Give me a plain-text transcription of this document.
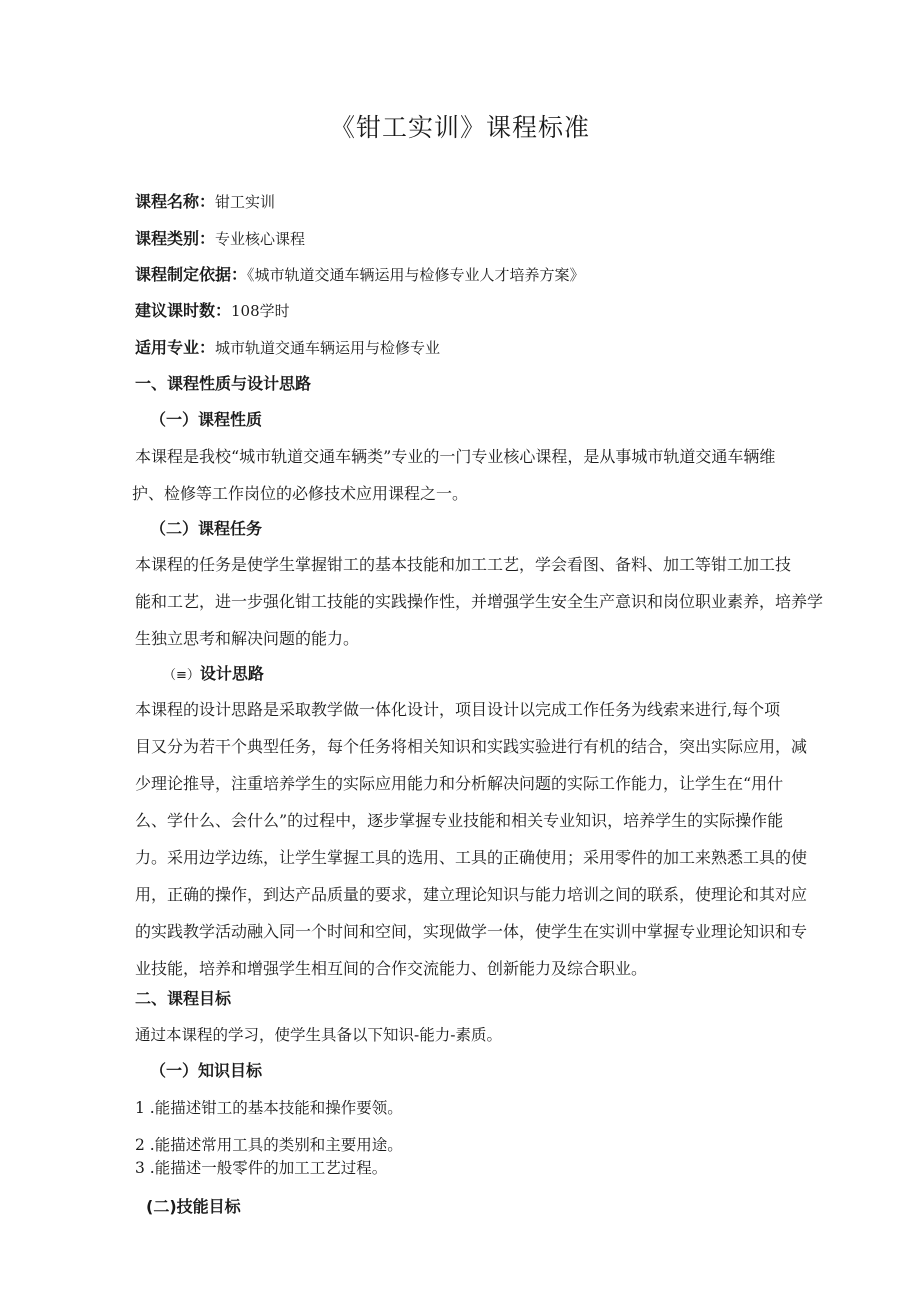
《钳工实训》课程标准
课程名称：钳工实训
课程类别：专业核心课程
课程制定依据：《城市轨道交通车辆运用与检修专业人才培养方案》
建议课时数：108学时
适用专业：城市轨道交通车辆运用与检修专业
一、课程性质与设计思路
（一）课程性质
本课程是我校“城市轨道交通车辆类”专业的一门专业核心课程，是从事城市轨道交通车辆维
护、检修等工作岗位的必修技术应用课程之一。
（二）课程任务
本课程的任务是使学生掌握钳工的基本技能和加工工艺，学会看图、备料、加工等钳工加工技
能和工艺，进一步强化钳工技能的实践操作性，并增强学生安全生产意识和岗位职业素养，培养学
生独立思考和解决问题的能力。
（≡）设计思路
本课程的设计思路是采取教学做一体化设计，项目设计以完成工作任务为线索来进行,每个项
目又分为若干个典型任务，每个任务将相关知识和实践实验进行有机的结合，突出实际应用，减
少理论推导，注重培养学生的实际应用能力和分析解决问题的实际工作能力，让学生在“用什
么、学什么、会什么”的过程中，逐步掌握专业技能和相关专业知识，培养学生的实际操作能
力。采用边学边练，让学生掌握工具的选用、工具的正确使用；采用零件的加工来熟悉工具的使
用，正确的操作，到达产品质量的要求，建立理论知识与能力培训之间的联系，使理论和其对应
的实践教学活动融入同一个时间和空间，实现做学一体，使学生在实训中掌握专业理论知识和专
业技能，培养和增强学生相互间的合作交流能力、创新能力及综合职业。
二、课程目标
通过本课程的学习，使学生具备以下知识-能力-素质。
（一）知识目标
1 .能描述钳工的基本技能和操作要领。
2 .能描述常用工具的类别和主要用途。
3 .能描述一般零件的加工工艺过程。
(二)技能目标
